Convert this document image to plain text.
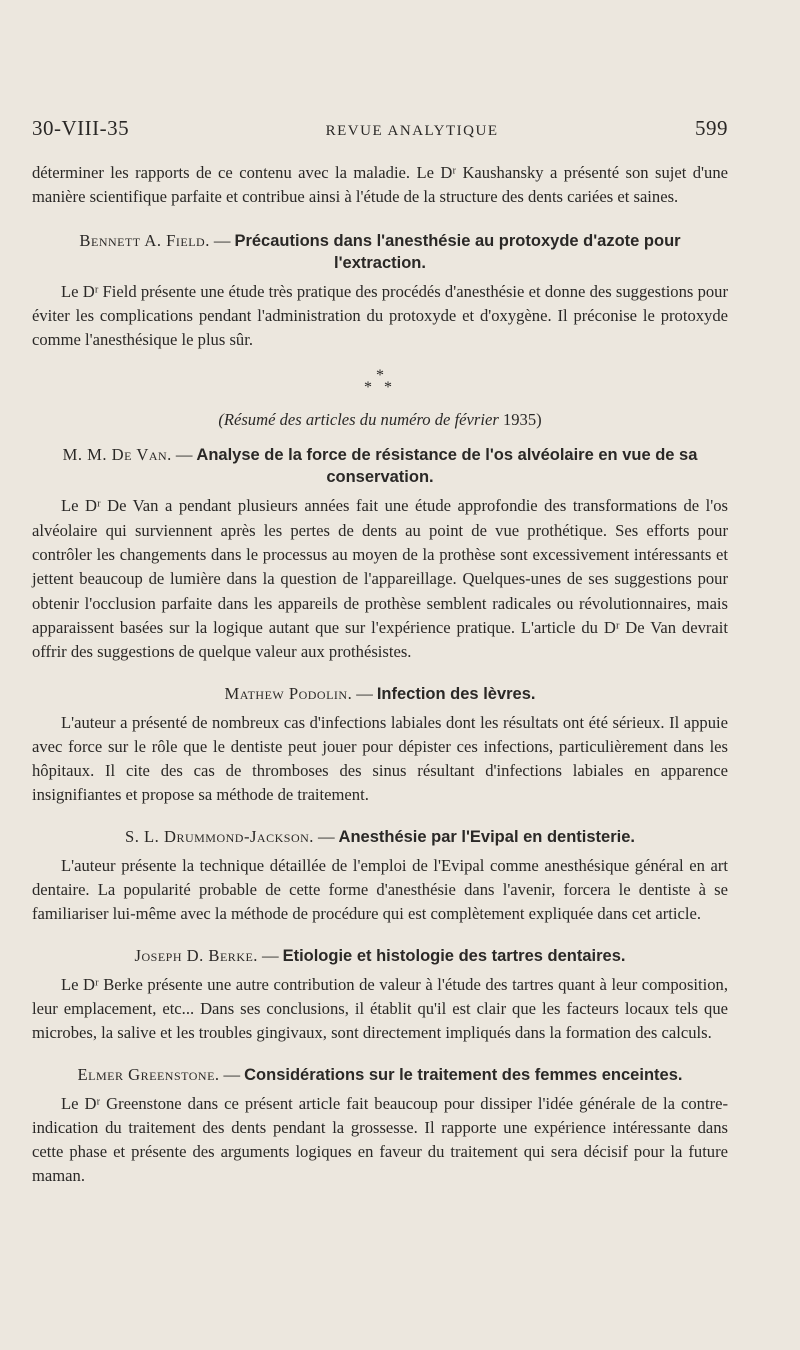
30-VIII-35	REVUE ANALYTIQUE	599

déterminer les rapports de ce contenu avec la maladie. Le Dʳ Kaushansky a présenté son sujet d'une manière scientifique parfaite et contribue ainsi à l'étude de la structure des dents cariées et saines.

Bennett A. Field. — Précautions dans l'anesthésie au protoxyde d'azote pour l'extraction.

Le Dʳ Field présente une étude très pratique des procédés d'anesthésie et donne des suggestions pour éviter les complications pendant l'administration du protoxyde et d'oxygène. Il préconise le protoxyde comme l'anesthésique le plus sûr.

*
* *

(Résumé des articles du numéro de février 1935)

M. M. De Van. — Analyse de la force de résistance de l'os alvéolaire en vue de sa conservation.

Le Dʳ De Van a pendant plusieurs années fait une étude approfondie des transformations de l'os alvéolaire qui surviennent après les pertes de dents au point de vue prothétique. Ses efforts pour contrôler les changements dans le processus au moyen de la prothèse sont excessivement intéressants et jettent beaucoup de lumière dans la question de l'appareillage. Quelques-unes de ses suggestions pour obtenir l'occlusion parfaite dans les appareils de prothèse semblent radicales ou révolutionnaires, mais apparaissent basées sur la logique autant que sur l'expérience pratique. L'article du Dʳ De Van devrait offrir des suggestions de quelque valeur aux prothésistes.

Mathew Podolin. — Infection des lèvres.

L'auteur a présenté de nombreux cas d'infections labiales dont les résultats ont été sérieux. Il appuie avec force sur le rôle que le dentiste peut jouer pour dépister ces infections, particulièrement dans les hôpitaux. Il cite des cas de thromboses des sinus résultant d'infections labiales en apparence insignifiantes et propose sa méthode de traitement.

S. L. Drummond-Jackson. — Anesthésie par l'Evipal en dentisterie.

L'auteur présente la technique détaillée de l'emploi de l'Evipal comme anesthésique général en art dentaire. La popularité probable de cette forme d'anesthésie dans l'avenir, forcera le dentiste à se familiariser lui-même avec la méthode de procédure qui est complètement expliquée dans cet article.

Joseph D. Berke. — Etiologie et histologie des tartres dentaires.

Le Dʳ Berke présente une autre contribution de valeur à l'étude des tartres quant à leur composition, leur emplacement, etc... Dans ses conclusions, il établit qu'il est clair que les facteurs locaux tels que microbes, la salive et les troubles gingivaux, sont directement impliqués dans la formation des calculs.

Elmer Greenstone. — Considérations sur le traitement des femmes enceintes.

Le Dʳ Greenstone dans ce présent article fait beaucoup pour dissiper l'idée générale de la contre-indication du traitement des dents pendant la grossesse. Il rapporte une expérience intéressante dans cette phase et présente des arguments logiques en faveur du traitement qui sera décisif pour la future maman.
